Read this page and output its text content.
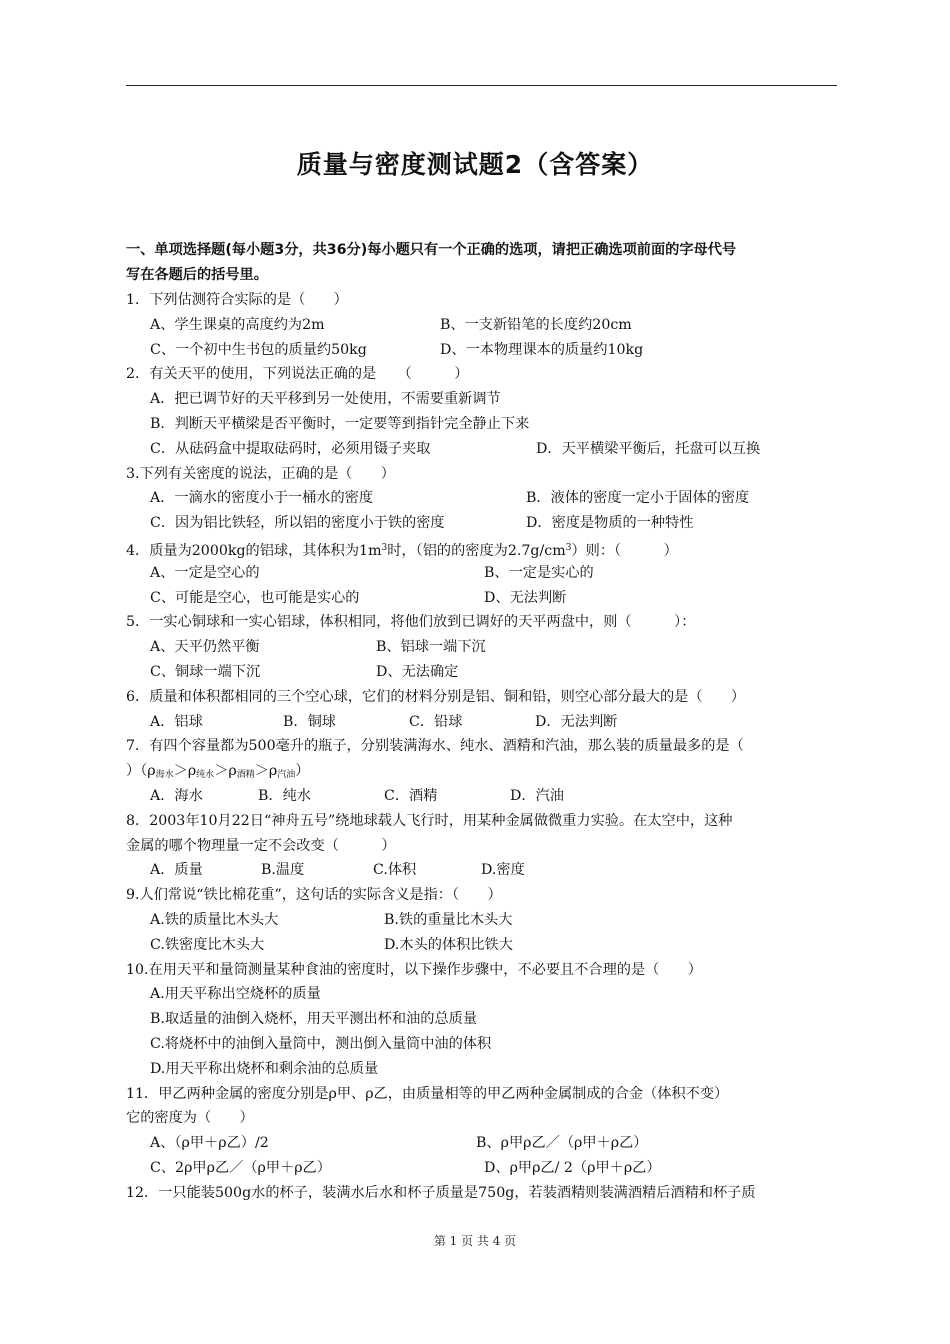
质量与密度测试题2（含答案）
一、单项选择题(每小题3分，共36分)每小题只有一个正确的选项，请把正确选项前面的字母代号
写在各题后的括号里。
1．下列估测符合实际的是（　　）
A、学生课桌的高度约为2m	B、一支新铅笔的长度约20cm
C、一个初中生书包的质量约50kg	D、一本物理课本的质量约10kg
2．有关天平的使用，下列说法正确的是　　（　　　）
A．把已调节好的天平移到另一处使用，不需要重新调节
B．判断天平横梁是否平衡时，一定要等到指针完全静止下来
C．从砝码盒中提取砝码时，必须用镊子夹取	D．天平横梁平衡后，托盘可以互换
3.下列有关密度的说法，正确的是（　　）
A．一滴水的密度小于一桶水的密度	B．液体的密度一定小于固体的密度
C．因为铝比铁轻，所以铝的密度小于铁的密度	D．密度是物质的一种特性
4．质量为2000kg的铝球，其体积为$1m^3$时，（铝的的密度为$2.7g/cm^3$）则：（　　　）
A、一定是空心的	B、一定是实心的
C、可能是空心，也可能是实心的	D、无法判断
5．一实心铜球和一实心铝球，体积相同，将他们放到已调好的天平两盘中，则（　　　）：
A、天平仍然平衡	B、铝球一端下沉
C、铜球一端下沉	D、无法确定
6．质量和体积都相同的三个空心球，它们的材料分别是铝、铜和铅，则空心部分最大的是（　　）
A．铝球	B．铜球	C．铅球	D．无法判断
7．有四个容量都为500毫升的瓶子，分别装满海水、纯水、酒精和汽油，那么装的质量最多的是（
）$(\rho_{海水}>\rho_{纯水}>\rho_{酒精}>\rho_{汽油})$
A．海水	B．纯水	C．酒精	D．汽油
8．2003年10月22日“神舟五号”绕地球载人飞行时，用某种金属做微重力实验。在太空中，这种
金属的哪个物理量一定不会改变（　　　）
A．质量	B.温度	C.体积	D.密度
9.人们常说“铁比棉花重”，这句话的实际含义是指：（　　）
A.铁的质量比木头大	B.铁的重量比木头大
C.铁密度比木头大	D.木头的体积比铁大
10.在用天平和量筒测量某种食油的密度时，以下操作步骤中，不必要且不合理的是（　　）
A.用天平称出空烧杯的质量
B.取适量的油倒入烧杯，用天平测出杯和油的总质量
C.将烧杯中的油倒入量筒中，测出倒入量筒中油的体积
D.用天平称出烧杯和剩余油的总质量
11．甲乙两种金属的密度分别是ρ甲、ρ乙，由质量相等的甲乙两种金属制成的合金（体积不变）
它的密度为（　　）
A、（ρ甲＋ρ乙）/2	B、ρ甲ρ乙／（ρ甲＋ρ乙）
C、2ρ甲ρ乙／（ρ甲＋ρ乙）	D、ρ甲ρ乙/ 2（ρ甲＋ρ乙）
12．一只能装500g水的杯子，装满水后水和杯子质量是750g，若装酒精则装满酒精后酒精和杯子质
第 1 页 共 4 页
